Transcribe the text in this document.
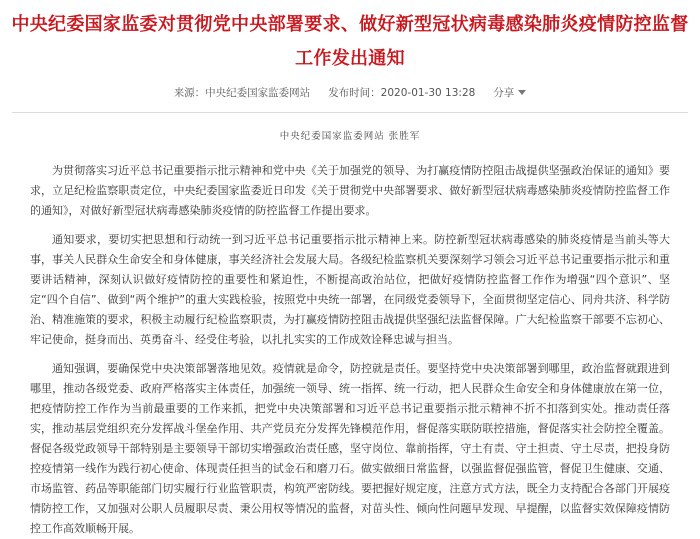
中央纪委国家监委对贯彻党中央部署要求、做好新型冠状病毒感染肺炎疫情防控监督工作发出通知
来源：中央纪委国家监委网站 发布时间：2020-01-30 13:28 分享
中央纪委国家监委网站 张胜军

为贯彻落实习近平总书记重要指示批示精神和党中央《关于加强党的领导、为打赢疫情防控阻击战提供坚强政治保证的通知》要求，立足纪检监察职责定位，中央纪委国家监委近日印发《关于贯彻党中央部署要求、做好新型冠状病毒感染肺炎疫情防控监督工作的通知》，对做好新型冠状病毒感染肺炎疫情的防控监督工作提出要求。

通知要求，要切实把思想和行动统一到习近平总书记重要指示批示精神上来。防控新型冠状病毒感染的肺炎疫情是当前头等大事，事关人民群众生命安全和身体健康，事关经济社会发展大局。各级纪检监察机关要深刻学习领会习近平总书记重要指示批示和重要讲话精神，深刻认识做好疫情防控的重要性和紧迫性，不断提高政治站位，把做好疫情防控监督工作作为增强“四个意识”、坚定“四个自信”、做到“两个维护”的重大实践检验，按照党中央统一部署，在同级党委领导下，全面贯彻坚定信心、同舟共济、科学防治、精准施策的要求，积极主动履行纪检监察职责，为打赢疫情防控阻击战提供坚强纪法监督保障。广大纪检监察干部要不忘初心、牢记使命，挺身而出、英勇奋斗、经受住考验，以扎扎实实的工作成效诠释忠诚与担当。

通知强调，要确保党中央决策部署落地见效。疫情就是命令，防控就是责任。要坚持党中央决策部署到哪里，政治监督就跟进到哪里，推动各级党委、政府严格落实主体责任，加强统一领导、统一指挥、统一行动，把人民群众生命安全和身体健康放在第一位，把疫情防控工作作为当前最重要的工作来抓，把党中央决策部署和习近平总书记重要指示批示精神不折不扣落到实处。推动责任落实，推动基层党组织充分发挥战斗堡垒作用、共产党员充分发挥先锋模范作用，督促落实联防联控措施，督促落实社会防控全覆盖。督促各级党政领导干部特别是主要领导干部切实增强政治责任感，坚守岗位、靠前指挥，守土有责、守土担责、守土尽责，把投身防控疫情第一线作为践行初心使命、体现责任担当的试金石和磨刀石。做实做细日常监督，以强监督促强监管，督促卫生健康、交通、市场监管、药品等职能部门切实履行行业监管职责，构筑严密防线。要把握好规定度，注意方式方法，既全力支持配合各部门开展疫情防控工作，又加强对公职人员履职尽责、秉公用权等情况的监督，对苗头性、倾向性问题早发现、早提醒，以监督实效保障疫情防控工作高效顺畅开展。
